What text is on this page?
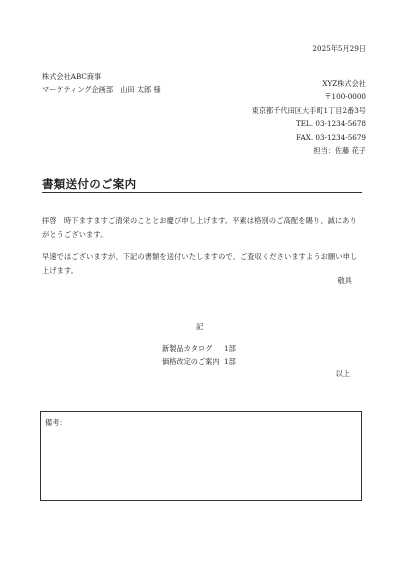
2025年5月29日
株式会社ABC商事
マーケティング企画部　山田 太郎 様
XYZ株式会社
〒100-0000
東京都千代田区大手町1丁目2番3号
TEL. 03-1234-5678
FAX. 03-1234-5679
担当：佐藤 花子
書類送付のご案内
拝啓　時下ますますご清栄のこととお慶び申し上げます。平素は格別のご高配を賜り、誠にありがとうございます。
早速ではございますが、下記の書類を送付いたしますので、ご査収くださいますようお願い申し上げます。
敬具
記
新製品カタログ 1部
価格改定のご案内 1部
以上
備考：
